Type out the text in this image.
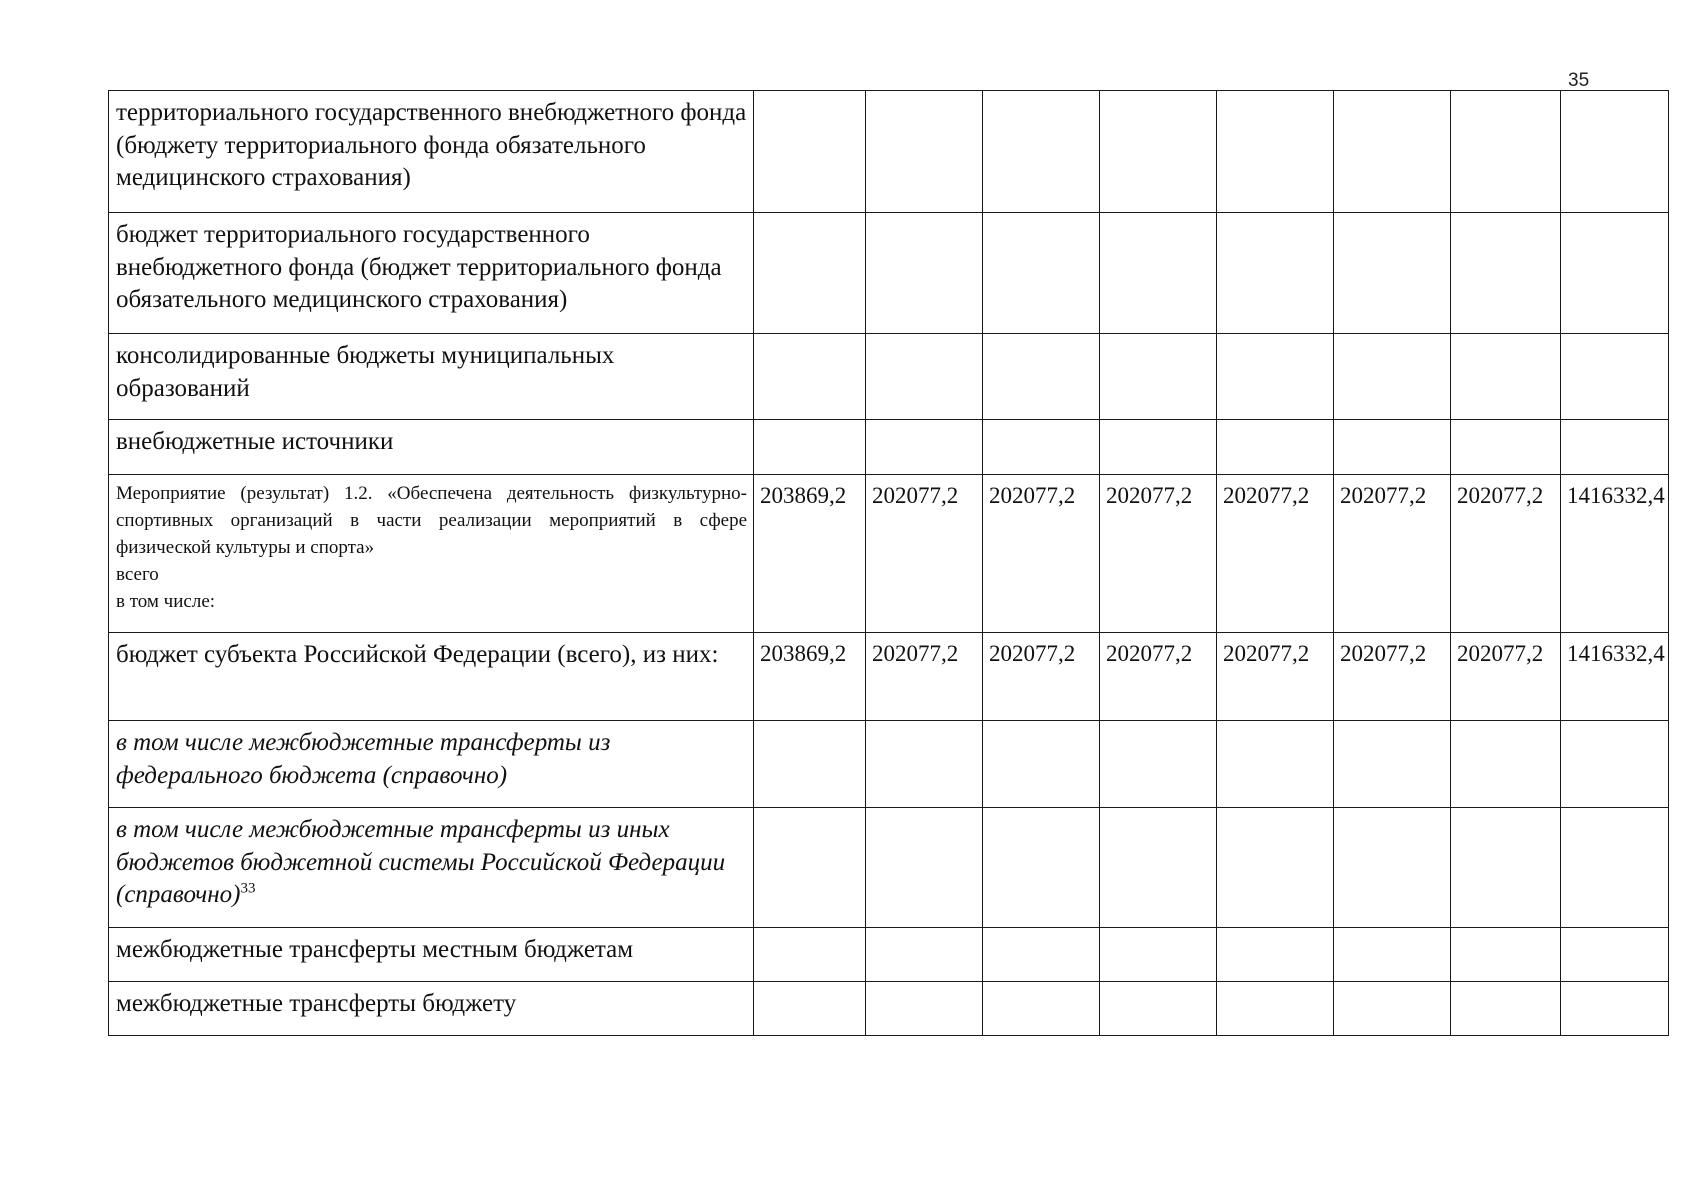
35
территориального государственного внебюджетного фонда (бюджету территориального фонда обязательного медицинского страхования)								
бюджет территориального государственного внебюджетного фонда (бюджет территориального фонда обязательного медицинского страхования)								
консолидированные бюджеты муниципальных образований								
внебюджетные источники								

Мероприятие (результат) 1.2. «Обеспечена деятельность физкультурно-спортивных организаций в части реализации мероприятий в сфере физической культуры и спорта»
всего
в том числе:	203869,2	202077,2	202077,2	202077,2	202077,2	202077,2	202077,2	1416332,4
бюджет субъекта Российской Федерации (всего), из них:	203869,2	202077,2	202077,2	202077,2	202077,2	202077,2	202077,2	1416332,4
в том числе межбюджетные трансферты из федерального бюджета (справочно)								
в том числе межбюджетные трансферты из иных бюджетов бюджетной системы Российской Федерации (справочно)$^{33}$								
межбюджетные трансферты местным бюджетам								
межбюджетные трансферты бюджету								
